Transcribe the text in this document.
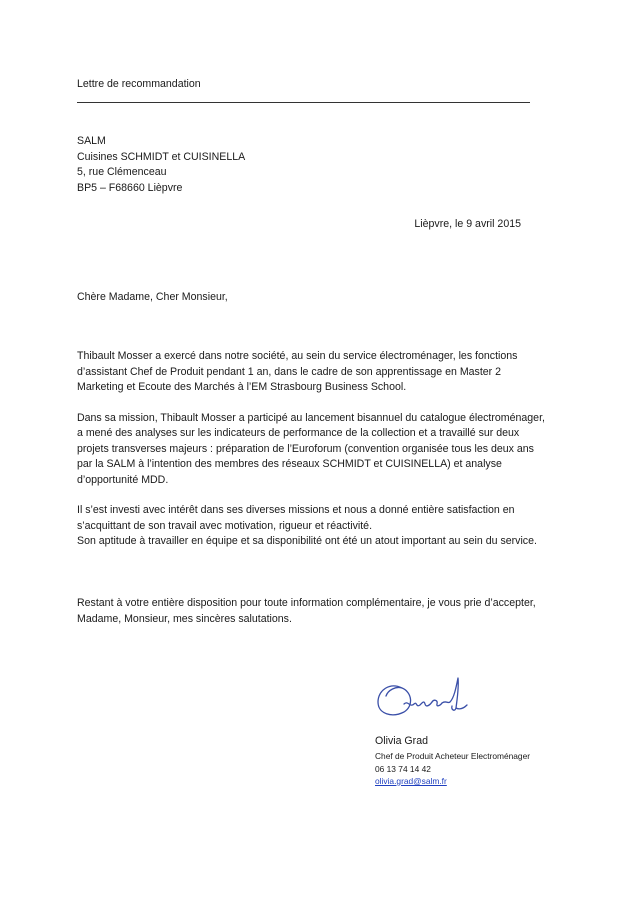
Lettre de recommandation
SALM
Cuisines SCHMIDT et CUISINELLA
5, rue Clémenceau
BP5 – F68660 Lièpvre
Lièpvre, le 9 avril 2015
Chère Madame, Cher Monsieur,

Thibault Mosser a exercé dans notre société, au sein du service électroménager, les fonctions
d’assistant Chef de Produit pendant 1 an, dans le cadre de son apprentissage en Master 2
Marketing et Ecoute des Marchés à l’EM Strasbourg Business School.

Dans sa mission, Thibault Mosser a participé au lancement bisannuel du catalogue électroménager,
a mené des analyses sur les indicateurs de performance de la collection et a travaillé sur deux
projets transverses majeurs : préparation de l’Euroforum (convention organisée tous les deux ans
par la SALM à l’intention des membres des réseaux SCHMIDT et CUISINELLA) et analyse
d’opportunité MDD.

Il s’est investi avec intérêt dans ses diverses missions et nous a donné entière satisfaction en
s’acquittant de son travail avec motivation, rigueur et réactivité.
Son aptitude à travailler en équipe et sa disponibilité ont été un atout important au sein du service.

Restant à votre entière disposition pour toute information complémentaire, je vous prie d’accepter,
Madame, Monsieur, mes sincères salutations.
Olivia Grad
Chef de Produit Acheteur Electroménager
06 13 74 14 42
olivia.grad@salm.fr
